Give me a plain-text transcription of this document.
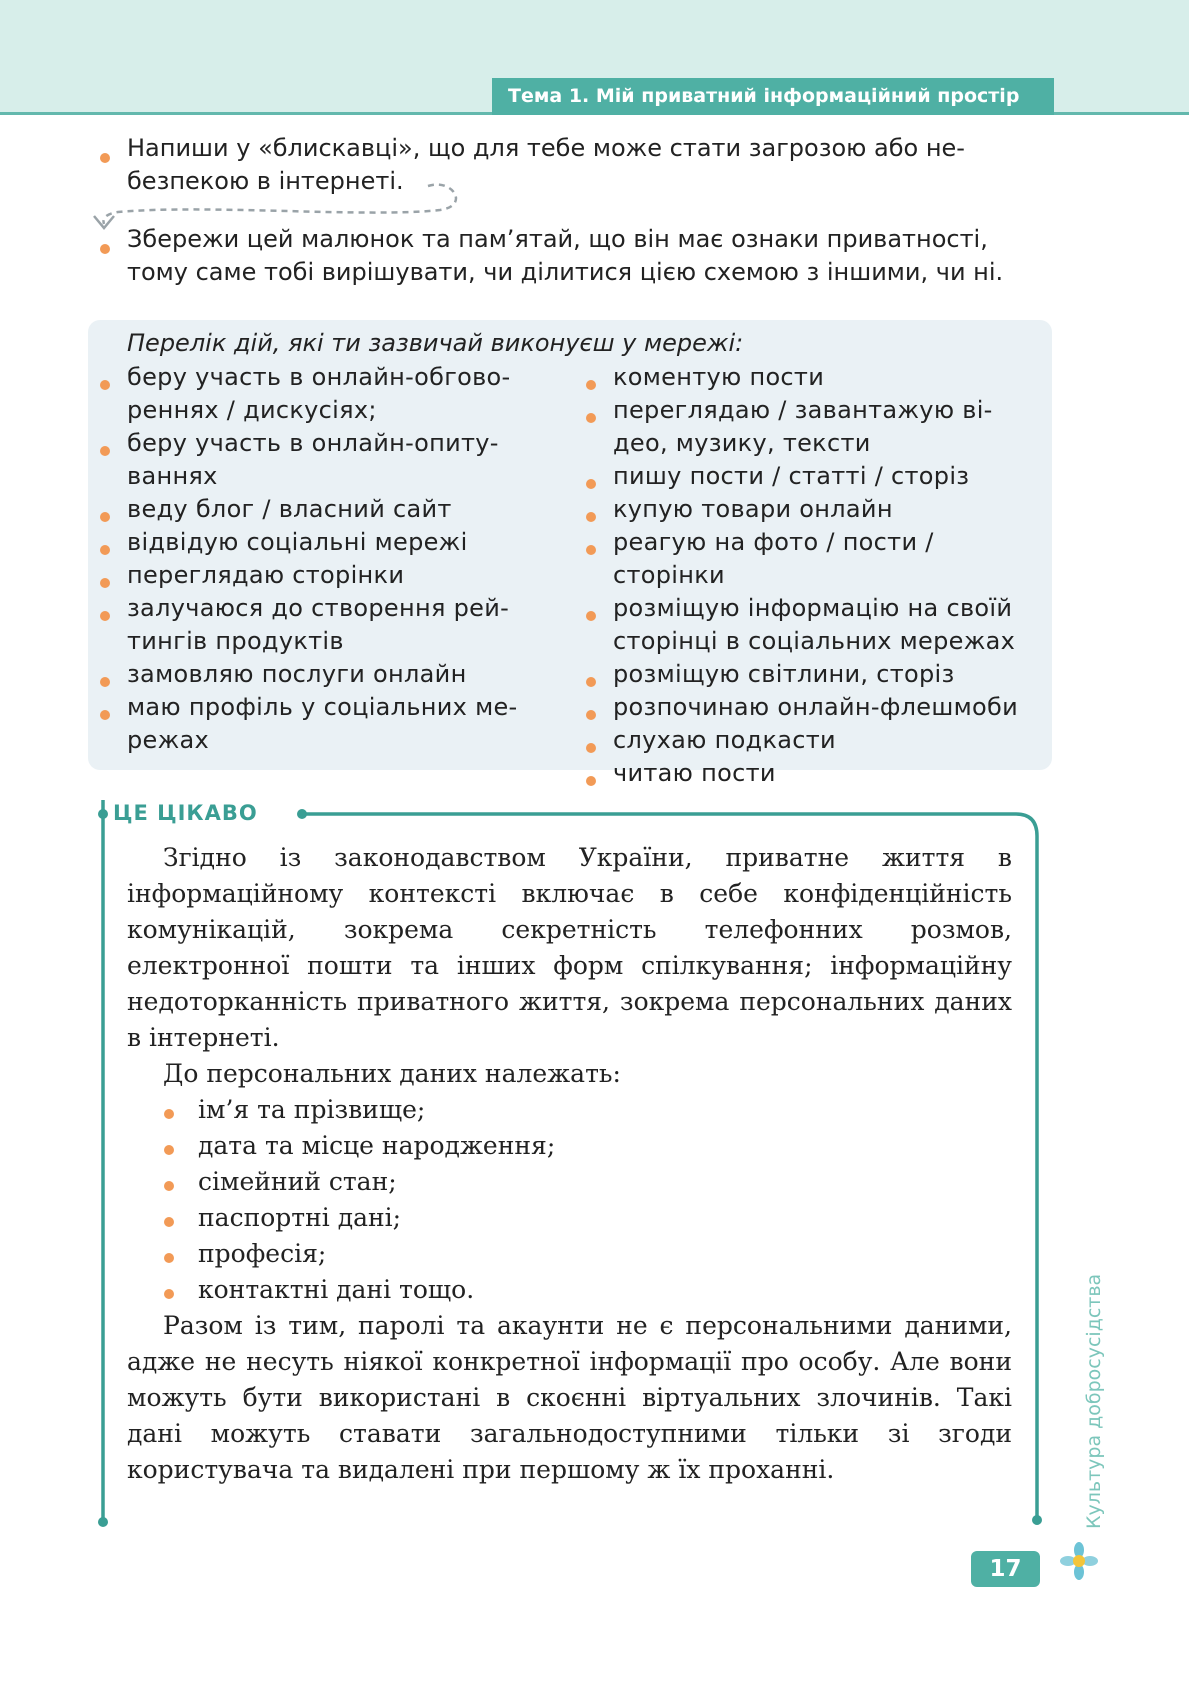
Тема 1. Мій приватний інформаційний простір
Напиши у «блискавці», що для тебе може стати загрозою або не-
безпекою в інтернеті.
Збережи цей малюнок та пам’ятай, що він має ознаки приватності,
тому саме тобі вирішувати, чи ділитися цією схемою з іншими, чи ні.
Перелік дій, які ти зазвичай виконуєш у мережі:
беру участь в онлайн-обгово-
реннях / дискусіях;
беру участь в онлайн-опиту-
ваннях
веду блог / власний сайт
відвідую соціальні мережі
переглядаю сторінки
залучаюся до створення рей-
тингів продуктів
замовляю послуги онлайн
маю профіль у соціальних ме-
режах
коментую пости
переглядаю / завантажую ві-
део, музику, тексти
пишу пости / статті / сторіз
купую товари онлайн
реагую на фото / пости / сторінки
розміщую інформацію на своїй
сторінці в соціальних мережах
розміщую світлини, сторіз
розпочинаю онлайн-флешмоби
слухаю подкасти
читаю пости
ЦЕ ЦІКАВО

Згідно із законодавством України, приватне життя в інформаційному контексті включає в себе конфіденційність комунікацій, зокрема секретність телефонних розмов, електронної пошти та інших форм спілкування; інформаційну недоторканність приватного життя, зокрема персональних даних в інтернеті.

До персональних даних належать:

ім’я та прізвище;
дата та місце народження;
сімейний стан;
паспортні дані;
професія;
контактні дані тощо.

Разом із тим, паролі та акаунти не є персональними даними, адже не несуть ніякої конкретної інформації про особу. Але вони можуть бути використані в скоєнні віртуальних злочинів. Такі дані можуть ставати загальнодоступними тільки зі згоди користувача та видалені при першому ж їх проханні.	Культура добросусідства
17
